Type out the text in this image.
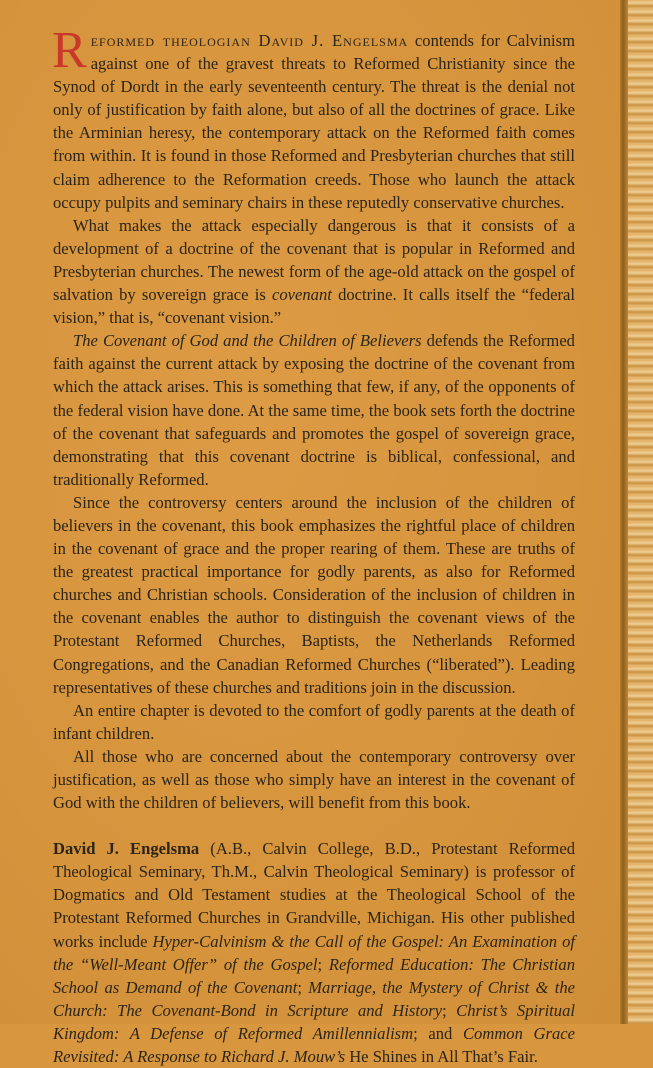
Reformed theologian David J. Engelsma contends for Calvinism against one of the gravest threats to Reformed Christianity since the Synod of Dordt in the early seventeenth century. The threat is the denial not only of justification by faith alone, but also of all the doctrines of grace. Like the Arminian heresy, the contemporary attack on the Reformed faith comes from within. It is found in those Reformed and Presbyterian churches that still claim adherence to the Reformation creeds. Those who launch the attack occupy pulpits and seminary chairs in these reputedly conservative churches.

What makes the attack especially dangerous is that it consists of a development of a doctrine of the covenant that is popular in Reformed and Presbyterian churches. The newest form of the age-old attack on the gospel of salvation by sovereign grace is covenant doctrine. It calls itself the “federal vision,” that is, “covenant vision.”

The Covenant of God and the Children of Believers defends the Reformed faith against the current attack by exposing the doctrine of the covenant from which the attack arises. This is something that few, if any, of the opponents of the federal vision have done. At the same time, the book sets forth the doctrine of the covenant that safeguards and promotes the gospel of sovereign grace, demonstrating that this covenant doctrine is biblical, confessional, and traditionally Reformed.

Since the controversy centers around the inclusion of the children of believers in the covenant, this book emphasizes the rightful place of children in the covenant of grace and the proper rearing of them. These are truths of the greatest practical importance for godly parents, as also for Reformed churches and Christian schools. Consideration of the inclusion of children in the covenant enables the author to distinguish the covenant views of the Protestant Reformed Churches, Baptists, the Netherlands Reformed Congregations, and the Canadian Reformed Churches (“liberated”). Leading representatives of these churches and traditions join in the discussion.

An entire chapter is devoted to the comfort of godly parents at the death of infant children.

All those who are concerned about the contemporary controversy over justification, as well as those who simply have an interest in the covenant of God with the children of believers, will benefit from this book.

David J. Engelsma (A.B., Calvin College, B.D., Protestant Reformed Theological Seminary, Th.M., Calvin Theological Seminary) is professor of Dogmatics and Old Testament studies at the Theological School of the Protestant Reformed Churches in Grandville, Michigan. His other published works include Hyper-Calvinism & the Call of the Gospel: An Examination of the “Well-Meant Offer” of the Gospel; Reformed Education: The Christian School as Demand of the Covenant; Marriage, the Mystery of Christ & the Church: The Covenant-Bond in Scripture and History; Christ’s Spiritual Kingdom: A Defense of Reformed Amillennialism; and Common Grace Revisited: A Response to Richard J. Mouw’s He Shines in All That’s Fair.
